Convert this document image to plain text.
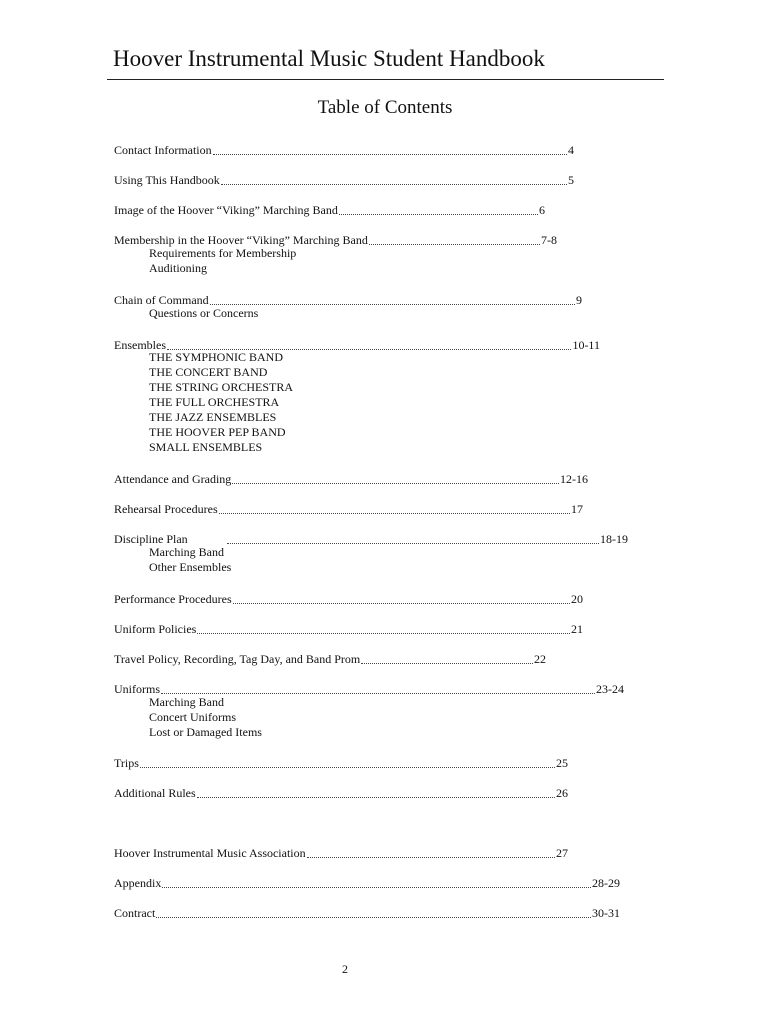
Hoover Instrumental Music Student Handbook
Table of Contents
Contact Information	4
Using This Handbook	5
Image of the Hoover “Viking” Marching Band	6
Membership in the Hoover “Viking” Marching Band	7-8
Requirements for Membership
Auditioning
Chain of Command	9
Questions or Concerns
Ensembles	10-11
THE SYMPHONIC BAND
THE CONCERT BAND
THE STRING ORCHESTRA
THE FULL ORCHESTRA
THE JAZZ ENSEMBLES
THE HOOVER PEP BAND
SMALL ENSEMBLES
Attendance and Grading	12-16
Rehearsal Procedures	17
Discipline Plan	18-19
Marching Band
Other Ensembles
Performance Procedures	20
Uniform Policies	21
Travel Policy, Recording, Tag Day, and Band Prom	22
Uniforms	23-24
Marching Band
Concert Uniforms
Lost or Damaged Items
Trips	25
Additional Rules	26
Hoover Instrumental Music Association	27
Appendix	28-29
Contract	30-31
2
